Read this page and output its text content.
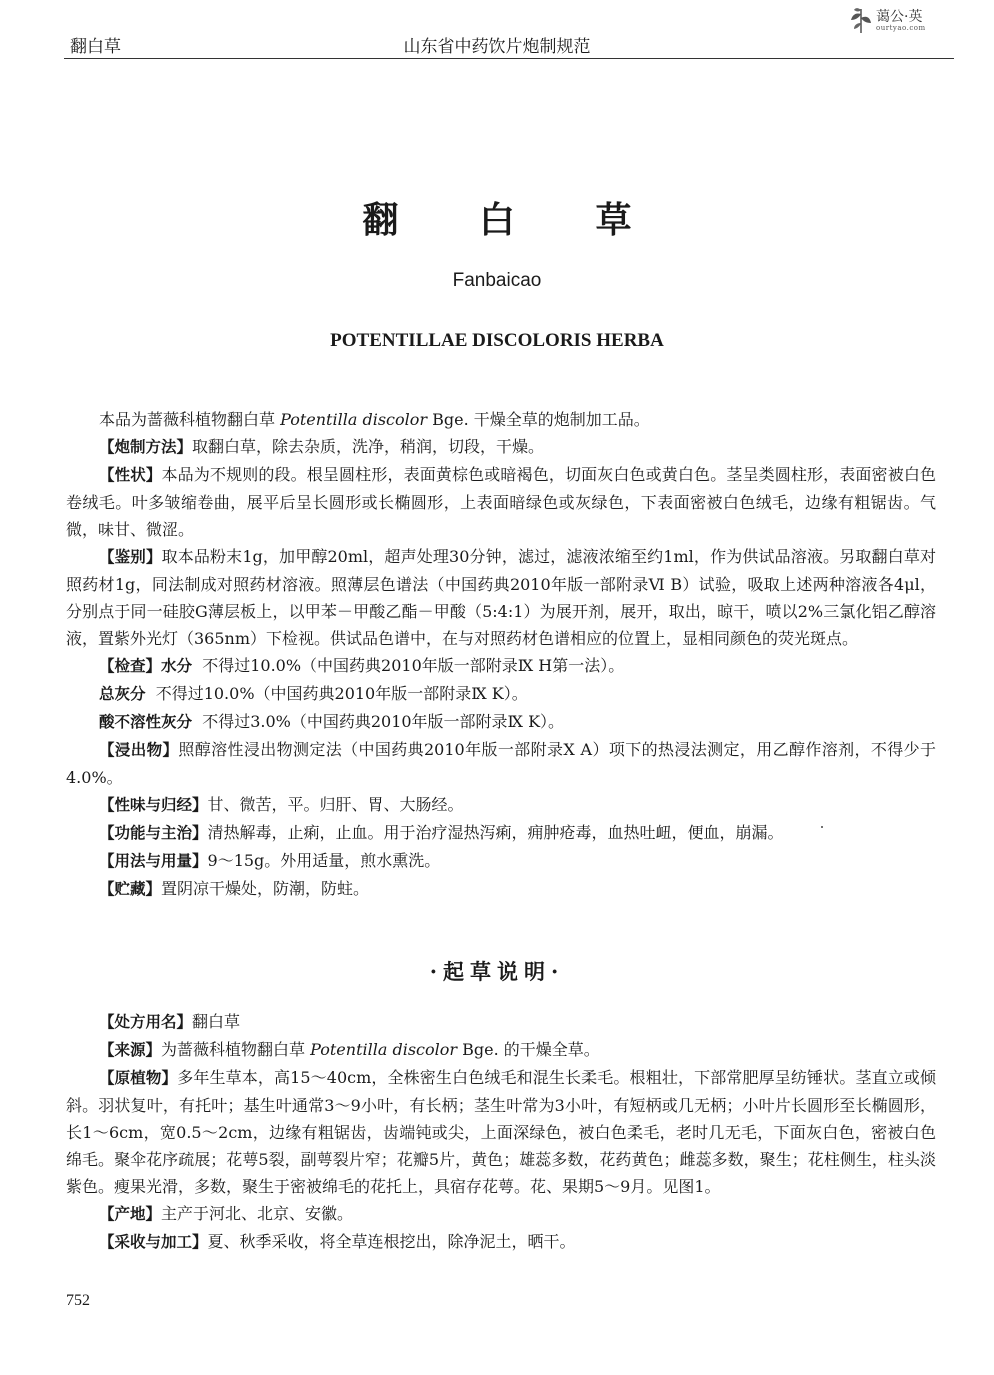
翻白草	山东省中药饮片炮制规范
蔼公·英
ourtyao.com
翻 白 草
Fanbaicao
POTENTILLAE DISCOLORIS HERBA

本品为蔷薇科植物翻白草 Potentilla discolor Bge. 干燥全草的炮制加工品。

【炮制方法】取翻白草，除去杂质，洗净，稍润，切段，干燥。

【性状】本品为不规则的段。根呈圆柱形，表面黄棕色或暗褐色，切面灰白色或黄白色。茎呈类圆柱形，表面密被白色卷绒毛。叶多皱缩卷曲，展平后呈长圆形或长椭圆形，上表面暗绿色或灰绿色，下表面密被白色绒毛，边缘有粗锯齿。气微，味甘、微涩。

【鉴别】取本品粉末1g，加甲醇20ml，超声处理30分钟，滤过，滤液浓缩至约1ml，作为供试品溶液。另取翻白草对照药材1g，同法制成对照药材溶液。照薄层色谱法（中国药典2010年版一部附录Ⅵ B）试验，吸取上述两种溶液各4μl，分别点于同一硅胶G薄层板上，以甲苯－甲酸乙酯－甲酸（5:4:1）为展开剂，展开，取出，晾干，喷以2%三氯化铝乙醇溶液，置紫外光灯（365nm）下检视。供试品色谱中，在与对照药材色谱相应的位置上，显相同颜色的荧光斑点。

【检查】水分 不得过10.0%（中国药典2010年版一部附录Ⅸ H第一法）。

总灰分 不得过10.0%（中国药典2010年版一部附录Ⅸ K）。

酸不溶性灰分 不得过3.0%（中国药典2010年版一部附录Ⅸ K）。

【浸出物】照醇溶性浸出物测定法（中国药典2010年版一部附录Ⅹ A）项下的热浸法测定，用乙醇作溶剂，不得少于4.0%。

【性味与归经】甘、微苦，平。归肝、胃、大肠经。

【功能与主治】清热解毒，止痢，止血。用于治疗湿热泻痢，痈肿疮毒，血热吐衄，便血，崩漏。

【用法与用量】9～15g。外用适量，煎水熏洗。

【贮藏】置阴凉干燥处，防潮，防蛀。

·起草说明·

【处方用名】翻白草

【来源】为蔷薇科植物翻白草 Potentilla discolor Bge. 的干燥全草。

【原植物】多年生草本，高15～40cm，全株密生白色绒毛和混生长柔毛。根粗壮，下部常肥厚呈纺锤状。茎直立或倾斜。羽状复叶，有托叶；基生叶通常3～9小叶，有长柄；茎生叶常为3小叶，有短柄或几无柄；小叶片长圆形至长椭圆形，长1～6cm，宽0.5～2cm，边缘有粗锯齿，齿端钝或尖，上面深绿色，被白色柔毛，老时几无毛，下面灰白色，密被白色绵毛。聚伞花序疏展；花萼5裂，副萼裂片窄；花瓣5片，黄色；雄蕊多数，花药黄色；雌蕊多数，聚生；花柱侧生，柱头淡紫色。瘦果光滑，多数，聚生于密被绵毛的花托上，具宿存花萼。花、果期5～9月。见图1。

【产地】主产于河北、北京、安徽。

【采收与加工】夏、秋季采收，将全草连根挖出，除净泥土，晒干。

752
